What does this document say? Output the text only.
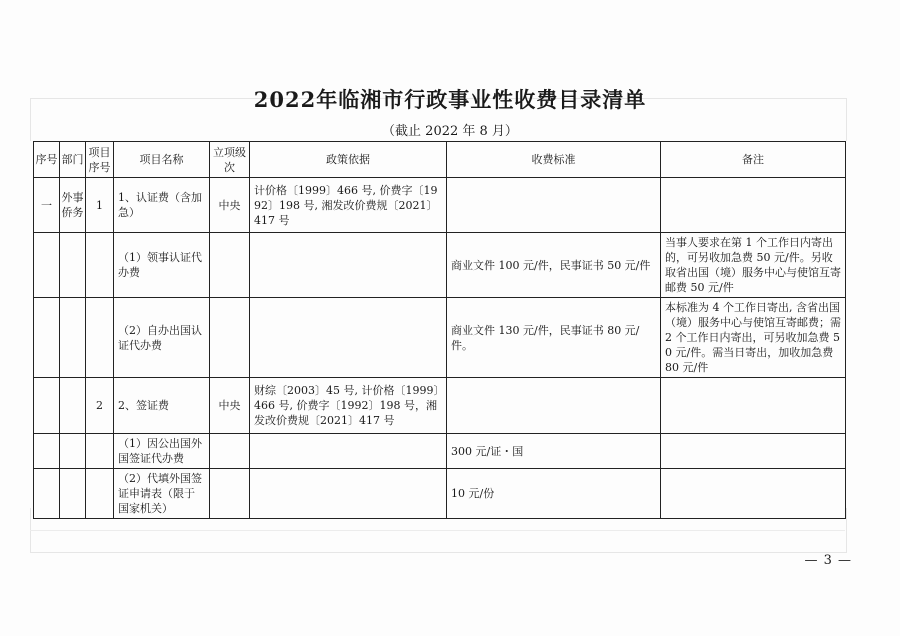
2022年临湘市行政事业性收费目录清单
（截止 2022 年 8 月）
序号	部门	项目序号	项目名称	立项级次	政策依据	收费标准	备注
一	外事侨务	1	1、认证费（含加急）	中央	计价格〔1999〕466 号, 价费字〔1992〕198 号, 湘发改价费规〔2021〕417 号		
			（1）领事认证代办费			商业文件 100 元/件，民事证书 50 元/件	当事人要求在第 1 个工作日内寄出的，可另收加急费 50 元/件。另收取省出国（境）服务中心与使馆互寄邮费 50 元/件
			（2）自办出国认证代办费			商业文件 130 元/件，民事证书 80 元/件。	本标准为 4 个工作日寄出, 含省出国（境）服务中心与使馆互寄邮费；需 2 个工作日内寄出，可另收加急费 50 元/件。需当日寄出，加收加急费 80 元/件
		2	2、签证费	中央	财综〔2003〕45 号, 计价格〔1999〕466 号, 价费字〔1992〕198 号，湘发改价费规〔2021〕417 号		
			（1）因公出国外国签证代办费			300 元/证・国	
			（2）代填外国签证申请表（限于国家机关）			10 元/份	
— 3 —
